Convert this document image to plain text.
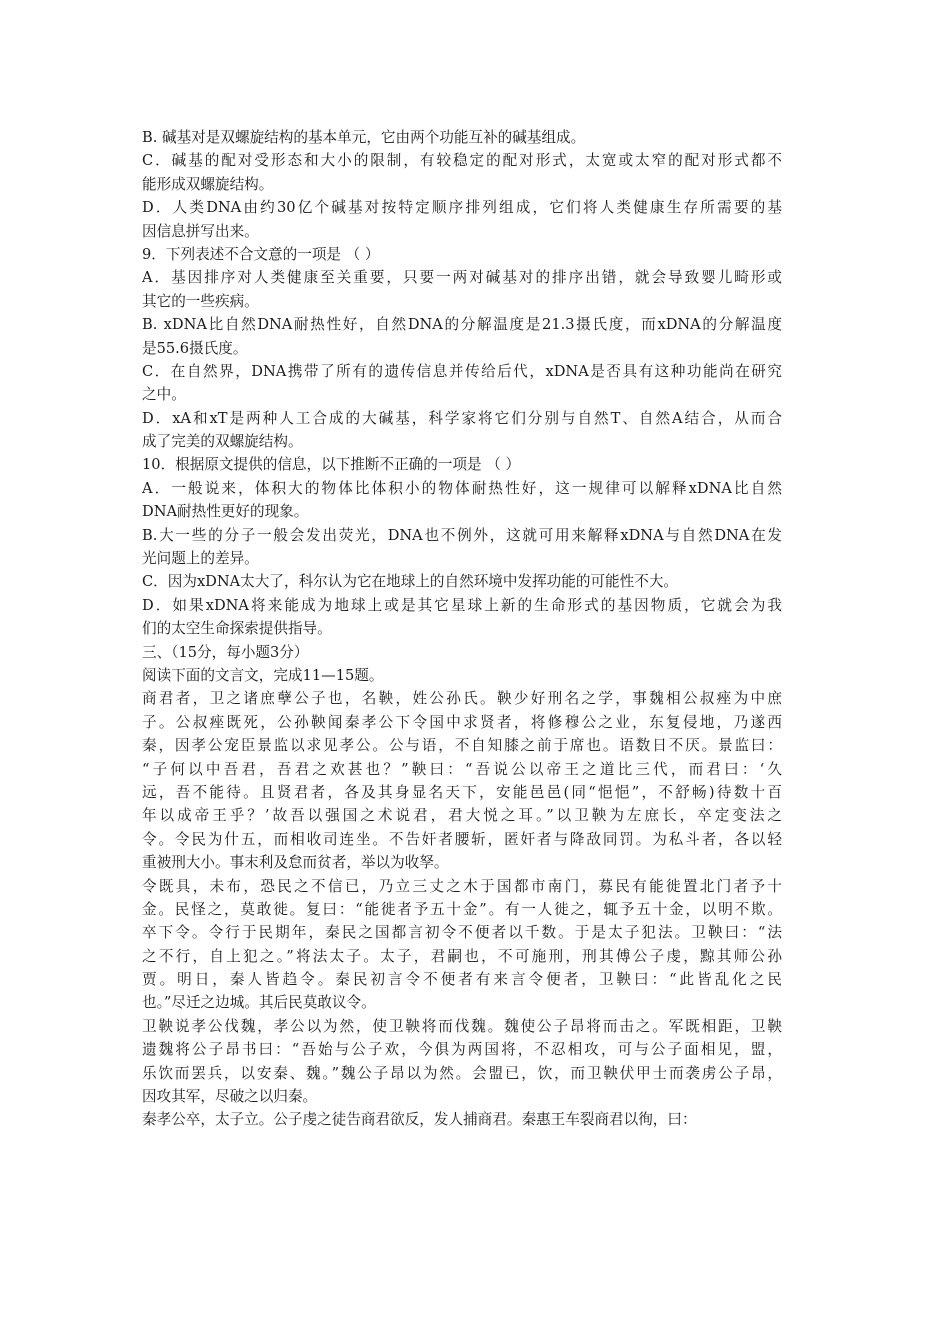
B. 碱基对是双螺旋结构的基本单元，它由两个功能互补的碱基组成。
C．碱基的配对受形态和大小的限制，有较稳定的配对形式，太宽或太窄的配对形式都不
能形成双螺旋结构。
D．人类DNA由约30亿个碱基对按特定顺序排列组成，它们将人类健康生存所需要的基
因信息拼写出来。
9．下列表述不合文意的一项是 （ ）
A．基因排序对人类健康至关重要，只要一两对碱基对的排序出错，就会导致婴儿畸形或
其它的一些疾病。
B. xDNA比自然DNA耐热性好，自然DNA的分解温度是21.3摄氏度，而xDNA的分解温度
是55.6摄氏度。
C．在自然界，DNA携带了所有的遗传信息并传给后代，xDNA是否具有这种功能尚在研究
之中。
D．xA和xT是两种人工合成的大碱基，科学家将它们分别与自然T、自然A结合，从而合
成了完美的双螺旋结构。
10．根据原文提供的信息，以下推断不正确的一项是 （ ）
A．一般说来，体积大的物体比体积小的物体耐热性好，这一规律可以解释xDNA比自然
DNA耐热性更好的现象。
B.大一些的分子一般会发出荧光，DNA也不例外，这就可用来解释xDNA与自然DNA在发
光问题上的差异。
C．因为xDNA太大了，科尔认为它在地球上的自然环境中发挥功能的可能性不大。
D．如果xDNA将来能成为地球上或是其它星球上新的生命形式的基因物质，它就会为我
们的太空生命探索提供指导。
三、（15分，每小题3分）
阅读下面的文言文，完成11—15题。
商君者，卫之诸庶孽公子也，名鞅，姓公孙氏。鞅少好刑名之学，事魏相公叔痤为中庶
子。公叔痤既死，公孙鞅闻秦孝公下令国中求贤者，将修穆公之业，东复侵地，乃遂西
秦，因孝公宠臣景监以求见孝公。公与语，不自知膝之前于席也。语数日不厌。景监曰：
“子何以中吾君，吾君之欢甚也？”鞅曰：“吾说公以帝王之道比三代，而君曰：‘久
远，吾不能待。且贤君者，各及其身显名天下，安能邑邑(同“悒悒”，不舒畅)待数十百
年以成帝王乎？’故吾以强国之术说君，君大悦之耳。”以卫鞅为左庶长，卒定变法之
令。令民为什五，而相收司连坐。不告奸者腰斩，匿奸者与降敌同罚。为私斗者，各以轻
重被刑大小。事末利及怠而贫者，举以为收孥。
令既具，未布，恐民之不信已，乃立三丈之木于国都市南门，募民有能徙置北门者予十
金。民怪之，莫敢徙。复曰：“能徙者予五十金”。有一人徙之，辄予五十金，以明不欺。
卒下令。令行于民期年，秦民之国都言初令不便者以千数。于是太子犯法。卫鞅曰：“法
之不行，自上犯之。”将法太子。太子，君嗣也，不可施刑，刑其傅公子虔，黥其师公孙
贾。明日，秦人皆趋令。秦民初言令不便者有来言令便者，卫鞅曰：“此皆乱化之民
也。”尽迁之边城。其后民莫敢议令。
卫鞅说孝公伐魏，孝公以为然，使卫鞅将而伐魏。魏使公子昂将而击之。军既相距，卫鞅
遗魏将公子昂书曰：“吾始与公子欢，今俱为两国将，不忍相攻，可与公子面相见，盟，
乐饮而罢兵，以安秦、魏。”魏公子昂以为然。会盟已，饮，而卫鞅伏甲士而袭虏公子昂，
因攻其军，尽破之以归秦。
秦孝公卒，太子立。公子虔之徒告商君欲反，发人捕商君。秦惠王车裂商君以徇，曰：
